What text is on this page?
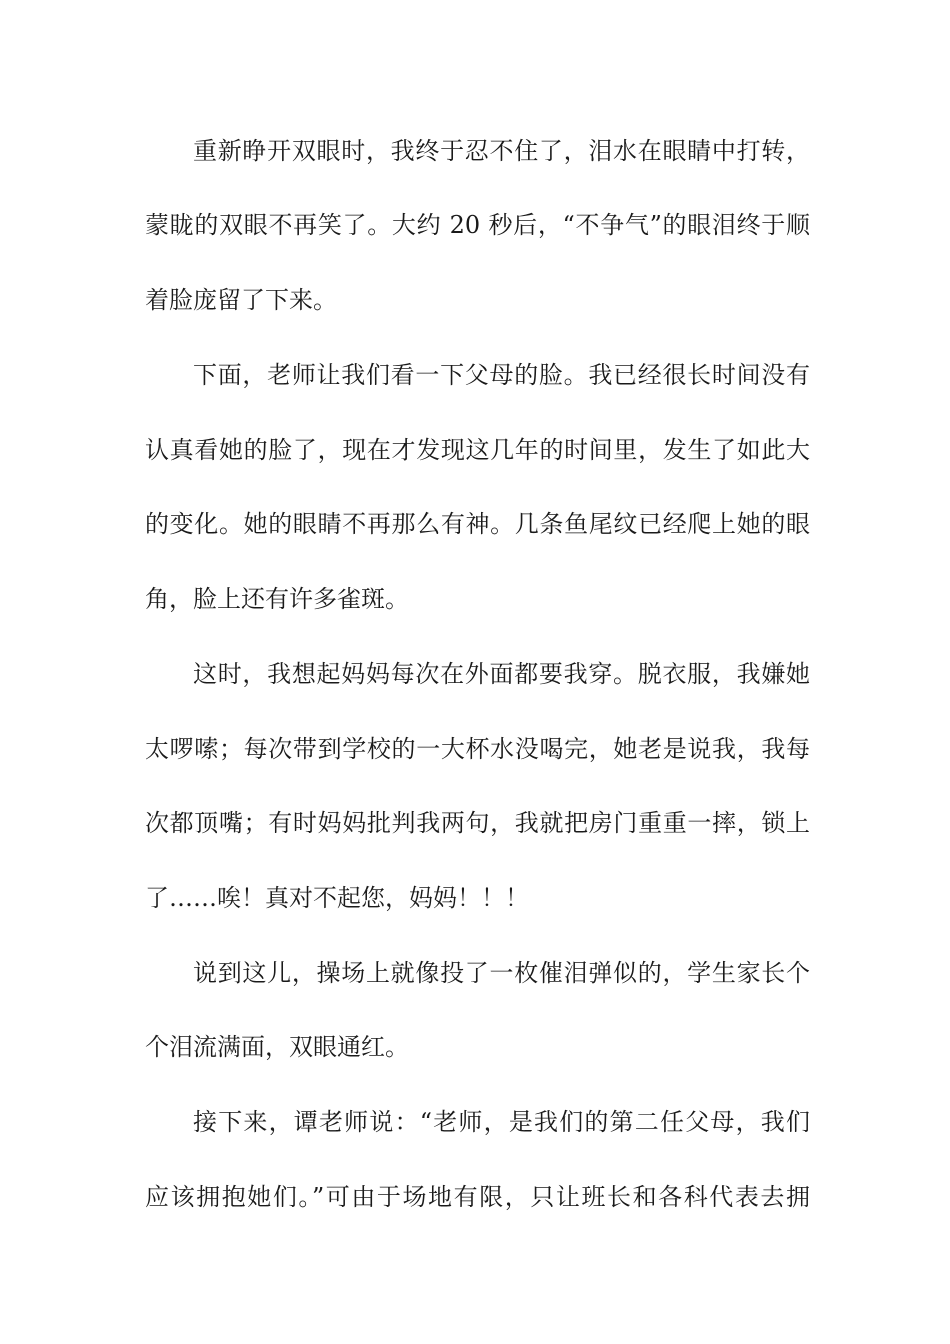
重新睁开双眼时，我终于忍不住了，泪水在眼睛中打转，
蒙眬的双眼不再笑了。大约 20 秒后，“不争气”的眼泪终于顺
着脸庞留了下来。
下面，老师让我们看一下父母的脸。我已经很长时间没有
认真看她的脸了，现在才发现这几年的时间里，发生了如此大
的变化。她的眼睛不再那么有神。几条鱼尾纹已经爬上她的眼
角，脸上还有许多雀斑。
这时，我想起妈妈每次在外面都要我穿。脱衣服，我嫌她
太啰嗦；每次带到学校的一大杯水没喝完，她老是说我，我每
次都顶嘴；有时妈妈批判我两句，我就把房门重重一摔，锁上
了……唉！真对不起您，妈妈！！！
说到这儿，操场上就像投了一枚催泪弹似的，学生家长个
个泪流满面，双眼通红。
接下来，谭老师说：“老师，是我们的第二任父母，我们
应该拥抱她们。”可由于场地有限，只让班长和各科代表去拥
